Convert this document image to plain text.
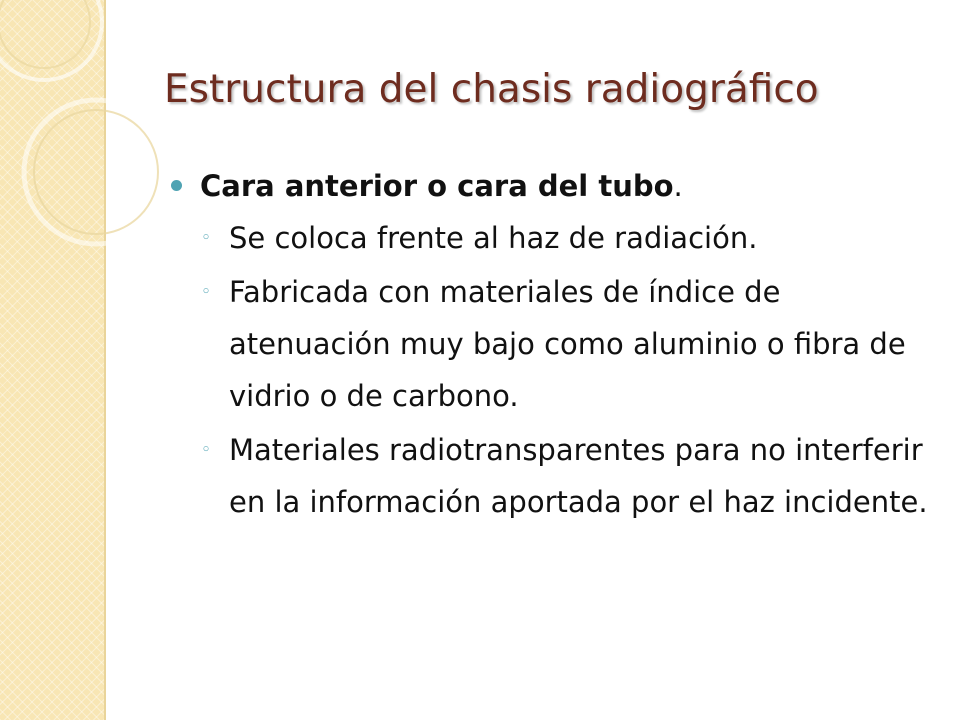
Estructura del chasis radiográfico
Cara anterior o cara del tubo.
◦ Se coloca frente al haz de radiación.
◦ Fabricada con materiales de índice de atenuación muy bajo como aluminio o fibra de vidrio o de carbono.
◦ Materiales radiotransparentes para no interferir en la información aportada por el haz incidente.
